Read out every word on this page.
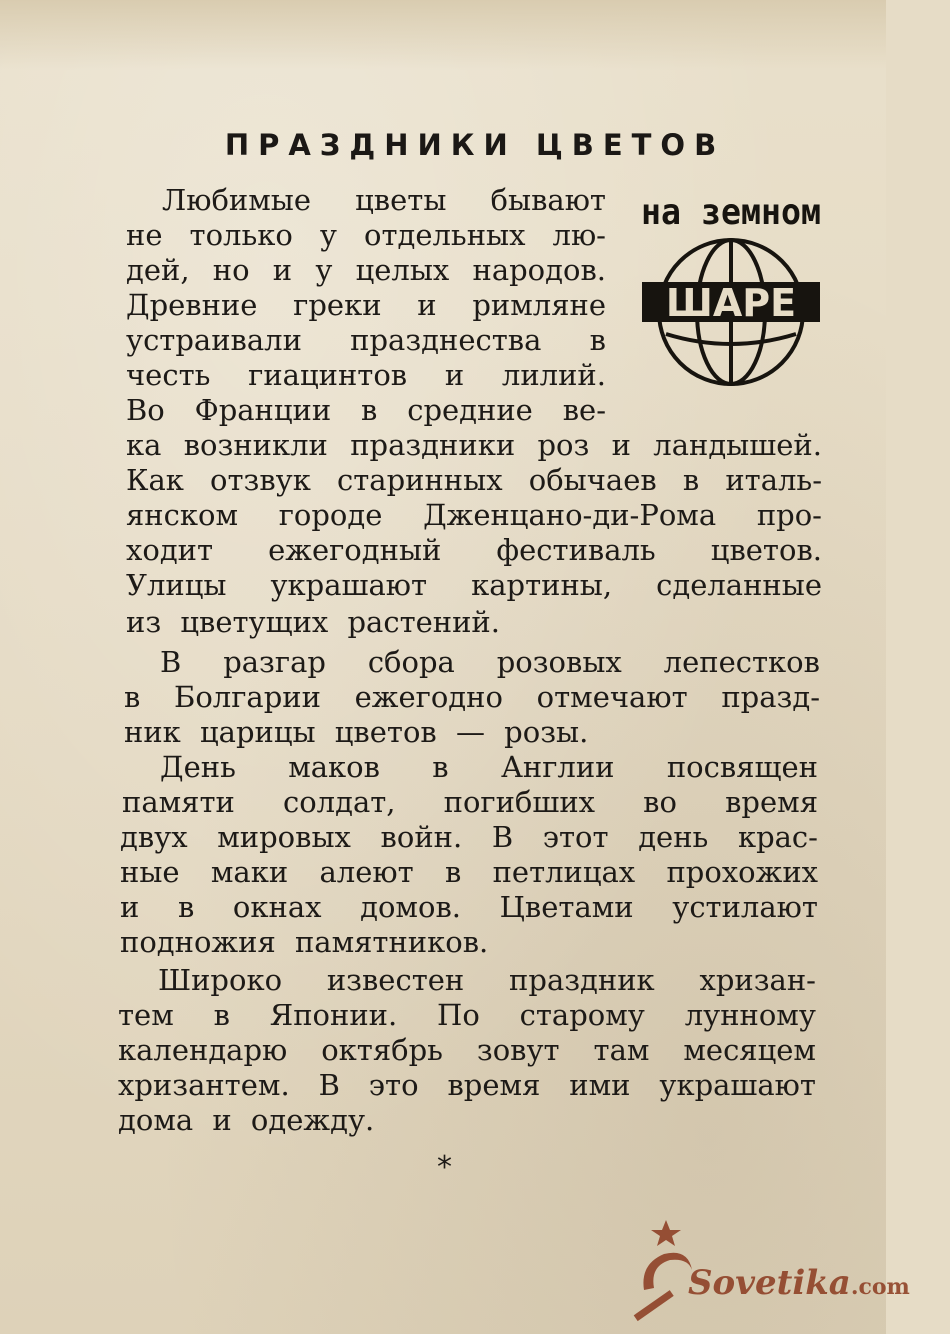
ПРАЗДНИКИ ЦВЕТОВ
ШАРЕ
на земном
Любимые цветы бывают
не только у отдельных лю-
дей, но и у целых народов.
Древние греки и римляне
устраивали празднества в
честь гиацинтов и лилий.
Во Франции в средние ве-
ка возникли праздники роз и ландышей.
Как отзвук старинных обычаев в италь-
янском городе Дженцано-ди-Рома про-
ходит ежегодный фестиваль цветов.
Улицы украшают картины, сделанные
из цветущих растений.
В разгар сбора розовых лепестков
в Болгарии ежегодно отмечают празд-
ник царицы цветов — розы.
День маков в Англии посвящен
памяти солдат, погибших во время
двух мировых войн. В этот день крас-
ные маки алеют в петлицах прохожих
и в окнах домов. Цветами устилают
подножия памятников.
Широко известен праздник хризан-
тем в Японии. По старому лунному
календарю октябрь зовут там месяцем
хризантем. В это время ими украшают
дома и одежду.
*
Sovetika.com
